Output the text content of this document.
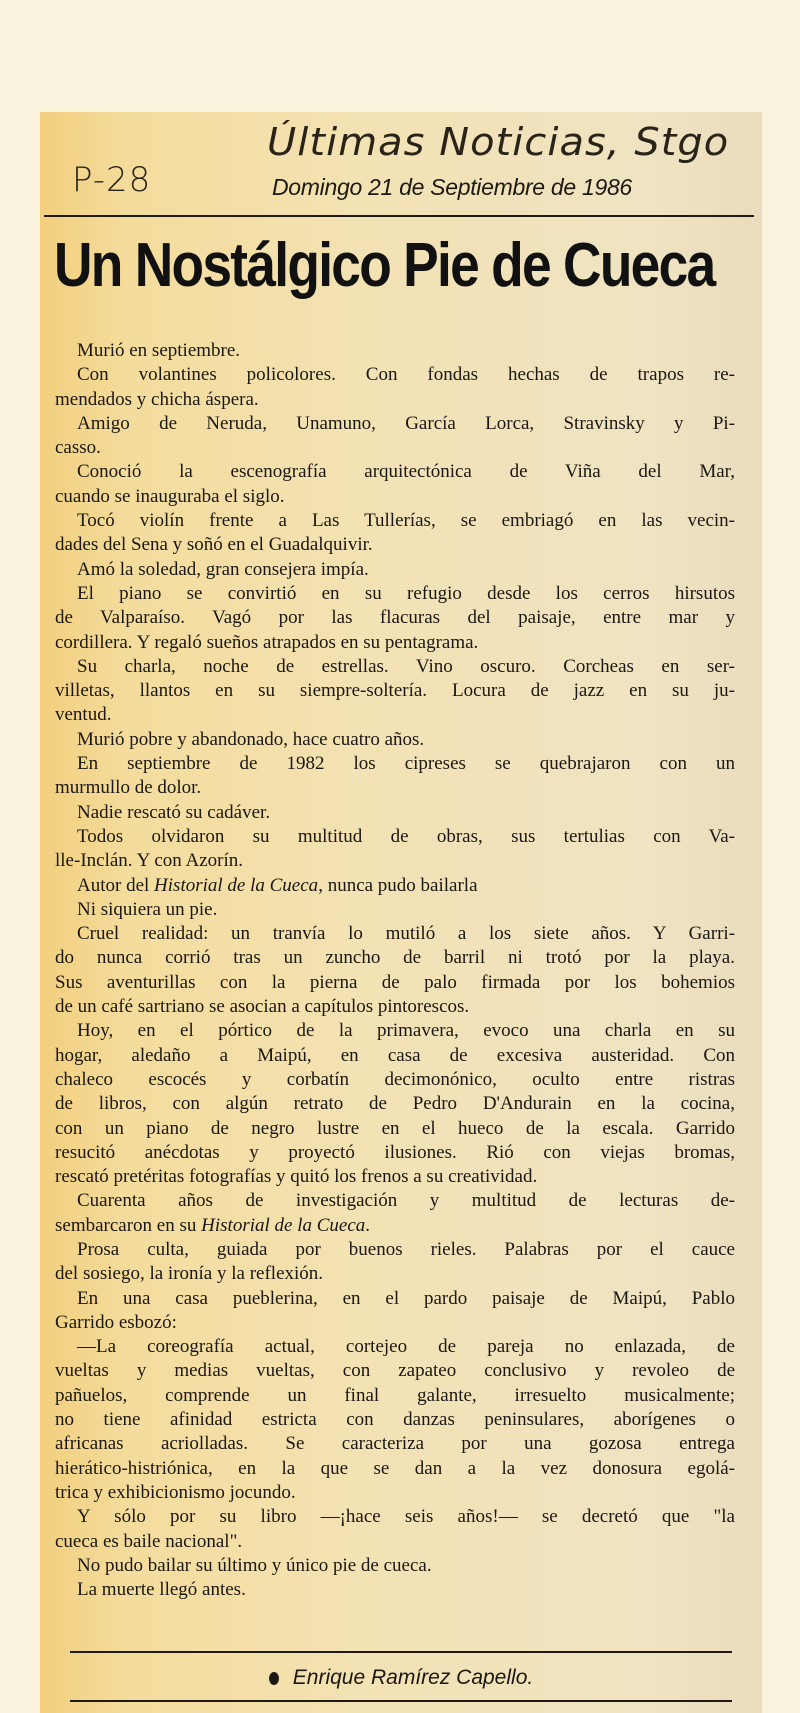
Últimas Noticias, Stgo
P-28	Domingo 21 de Septiembre de 1986
Un Nostálgico Pie de Cueca
Murió en septiembre.
Con volantines policolores. Con fondas hechas de trapos re-
mendados y chicha áspera.
Amigo de Neruda, Unamuno, García Lorca, Stravinsky y Pi-
casso.
Conoció la escenografía arquitectónica de Viña del Mar,
cuando se inauguraba el siglo.
Tocó violín frente a Las Tullerías, se embriagó en las vecin-
dades del Sena y soñó en el Guadalquivir.
Amó la soledad, gran consejera impía.
El piano se convirtió en su refugio desde los cerros hirsutos
de Valparaíso. Vagó por las flacuras del paisaje, entre mar y
cordillera. Y regaló sueños atrapados en su pentagrama.
Su charla, noche de estrellas. Vino oscuro. Corcheas en ser-
villetas, llantos en su siempre-soltería. Locura de jazz en su ju-
ventud.
Murió pobre y abandonado, hace cuatro años.
En septiembre de 1982 los cipreses se quebrajaron con un
murmullo de dolor.
Nadie rescató su cadáver.
Todos olvidaron su multitud de obras, sus tertulias con Va-
lle-Inclán. Y con Azorín.
Autor del Historial de la Cueca, nunca pudo bailarla
Ni siquiera un pie.
Cruel realidad: un tranvía lo mutiló a los siete años. Y Garri-
do nunca corrió tras un zuncho de barril ni trotó por la playa.
Sus aventurillas con la pierna de palo firmada por los bohemios
de un café sartriano se asocian a capítulos pintorescos.
Hoy, en el pórtico de la primavera, evoco una charla en su
hogar, aledaño a Maipú, en casa de excesiva austeridad. Con
chaleco escocés y corbatín decimonónico, oculto entre ristras
de libros, con algún retrato de Pedro D'Andurain en la cocina,
con un piano de negro lustre en el hueco de la escala. Garrido
resucitó anécdotas y proyectó ilusiones. Rió con viejas bromas,
rescató pretéritas fotografías y quitó los frenos a su creatividad.
Cuarenta años de investigación y multitud de lecturas de-
sembarcaron en su Historial de la Cueca.
Prosa culta, guiada por buenos rieles. Palabras por el cauce
del sosiego, la ironía y la reflexión.
En una casa pueblerina, en el pardo paisaje de Maipú, Pablo
Garrido esbozó:
—La coreografía actual, cortejeo de pareja no enlazada, de
vueltas y medias vueltas, con zapateo conclusivo y revoleo de
pañuelos, comprende un final galante, irresuelto musicalmente;
no tiene afinidad estricta con danzas peninsulares, aborígenes o
africanas acriolladas. Se caracteriza por una gozosa entrega
hierático-histriónica, en la que se dan a la vez donosura egolá-
trica y exhibicionismo jocundo.
Y sólo por su libro —¡hace seis años!— se decretó que "la
cueca es baile nacional".
No pudo bailar su último y único pie de cueca.
La muerte llegó antes.
Enrique Ramírez Capello.
